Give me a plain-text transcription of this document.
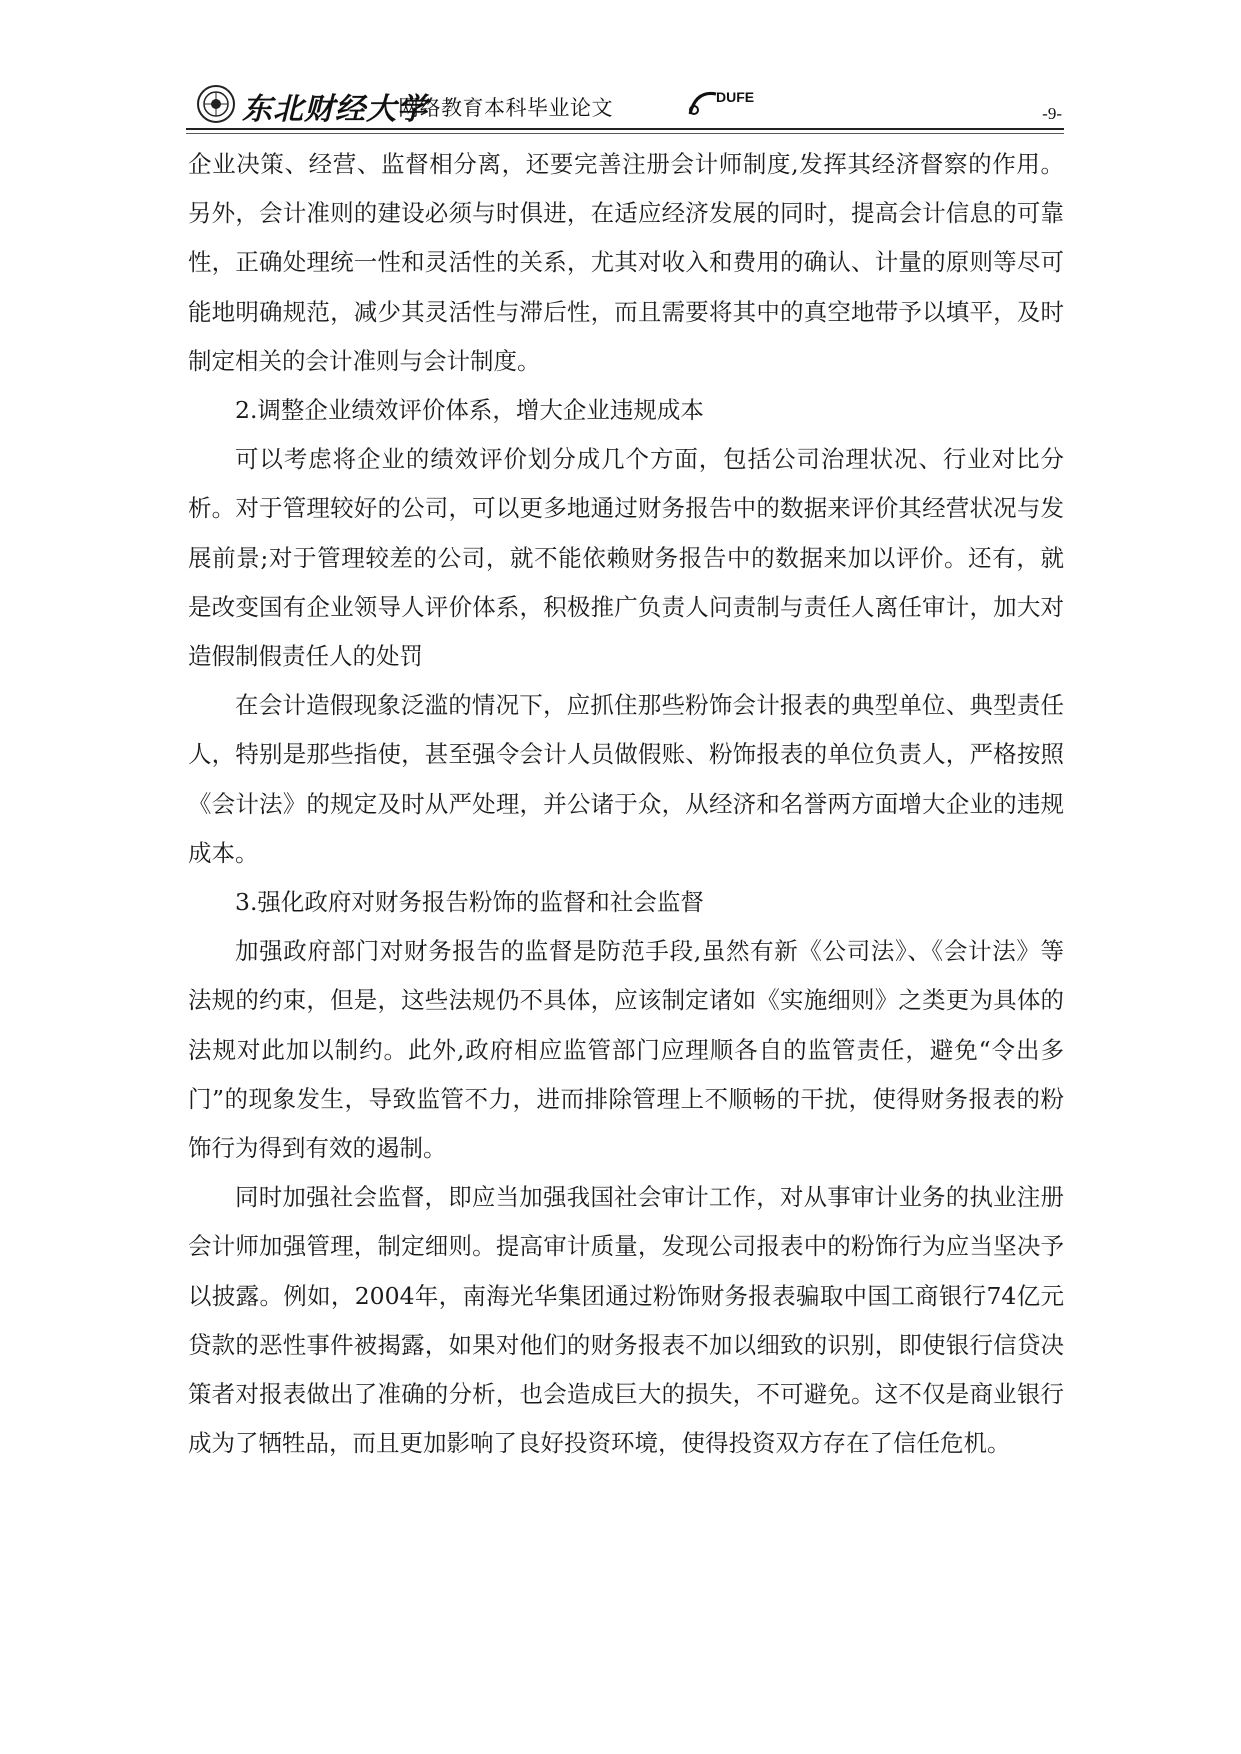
东北财经大学
网络教育本科毕业论文	DUFE
-9-

企业决策、经营、监督相分离，还要完善注册会计师制度,发挥其经济督察的作用。另外，会计准则的建设必须与时俱进，在适应经济发展的同时，提高会计信息的可靠性，正确处理统一性和灵活性的关系，尤其对收入和费用的确认、计量的原则等尽可能地明确规范，减少其灵活性与滞后性，而且需要将其中的真空地带予以填平，及时制定相关的会计准则与会计制度。

2.调整企业绩效评价体系，增大企业违规成本

可以考虑将企业的绩效评价划分成几个方面，包括公司治理状况、行业对比分析。对于管理较好的公司，可以更多地通过财务报告中的数据来评价其经营状况与发展前景;对于管理较差的公司，就不能依赖财务报告中的数据来加以评价。还有，就是改变国有企业领导人评价体系，积极推广负责人问责制与责任人离任审计，加大对造假制假责任人的处罚

在会计造假现象泛滥的情况下，应抓住那些粉饰会计报表的典型单位、典型责任人，特别是那些指使，甚至强令会计人员做假账、粉饰报表的单位负责人，严格按照《会计法》的规定及时从严处理，并公诸于众，从经济和名誉两方面增大企业的违规成本。

3.强化政府对财务报告粉饰的监督和社会监督

加强政府部门对财务报告的监督是防范手段,虽然有新《公司法》、《会计法》等法规的约束，但是，这些法规仍不具体，应该制定诸如《实施细则》之类更为具体的法规对此加以制约。此外,政府相应监管部门应理顺各自的监管责任，避免“令出多门”的现象发生，导致监管不力，进而排除管理上不顺畅的干扰，使得财务报表的粉饰行为得到有效的遏制。

同时加强社会监督，即应当加强我国社会审计工作，对从事审计业务的执业注册会计师加强管理，制定细则。提高审计质量，发现公司报表中的粉饰行为应当坚决予以披露。例如，2004年，南海光华集团通过粉饰财务报表骗取中国工商银行74亿元贷款的恶性事件被揭露，如果对他们的财务报表不加以细致的识别，即使银行信贷决策者对报表做出了准确的分析，也会造成巨大的损失，不可避免。这不仅是商业银行成为了牺牲品，而且更加影响了良好投资环境，使得投资双方存在了信任危机。
